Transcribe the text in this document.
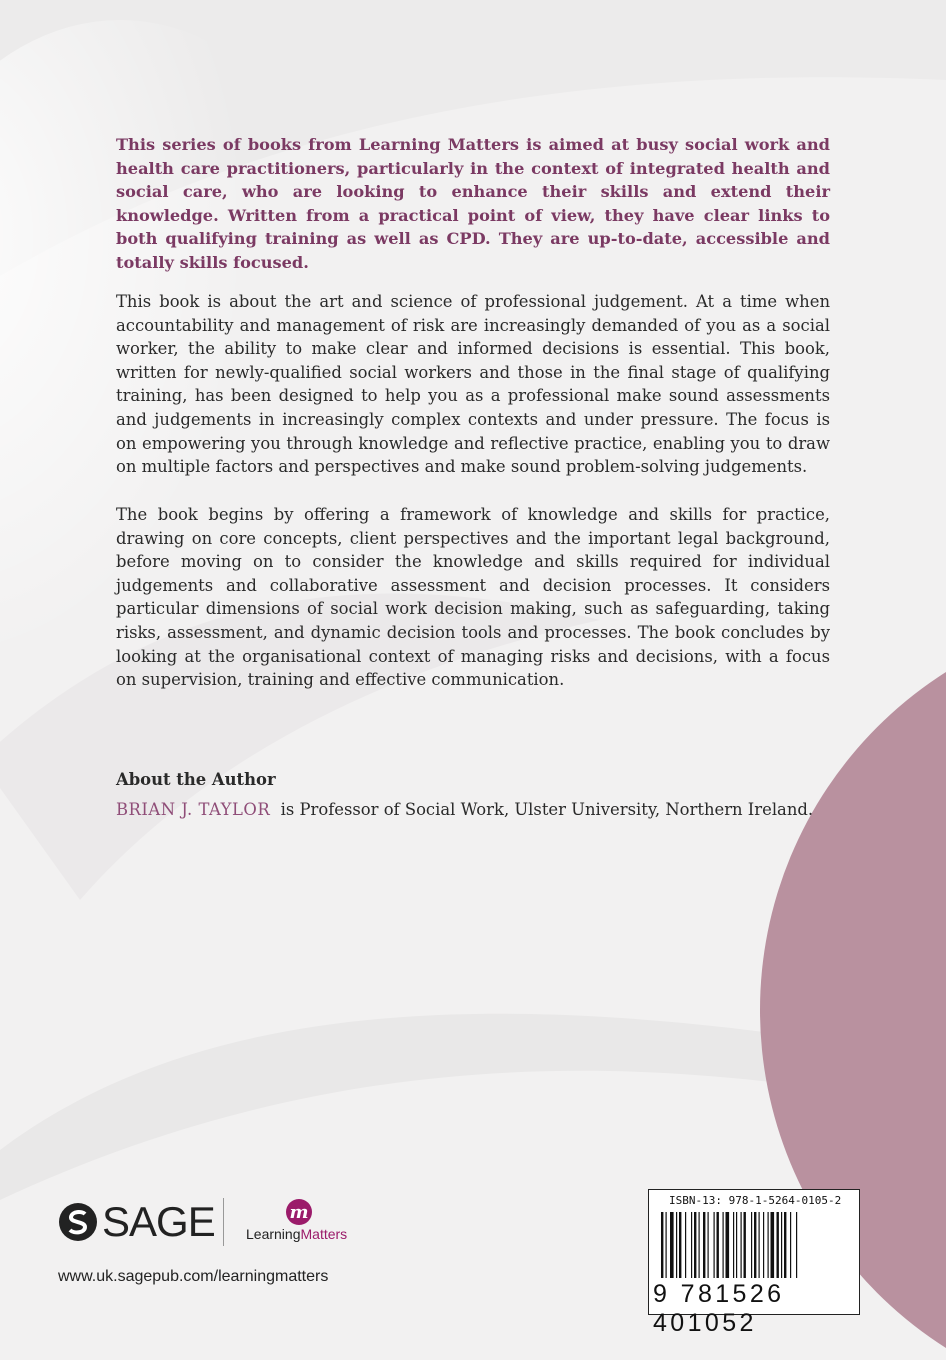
This series of books from Learning Matters is aimed at busy social work and health care practitioners, particularly in the context of integrated health and social care, who are looking to enhance their skills and extend their knowledge. Written from a practical point of view, they have clear links to both qualifying training as well as CPD. They are up-to-date, accessible and totally skills focused.

This book is about the art and science of professional judgement. At a time when accountability and management of risk are increasingly demanded of you as a social worker, the ability to make clear and informed decisions is essential. This book, written for newly-qualified social workers and those in the final stage of qualifying training, has been designed to help you as a professional make sound assessments and judgements in increasingly complex contexts and under pressure. The focus is on empowering you through knowledge and reflective practice, enabling you to draw on multiple factors and perspectives and make sound problem-solving judgements.

The book begins by offering a framework of knowledge and skills for practice, drawing on core concepts, client perspectives and the important legal background, before moving on to consider the knowledge and skills required for individual judgements and collaborative assessment and decision processes. It considers particular dimensions of social work decision making, such as safeguarding, taking risks, assessment, and dynamic decision tools and processes. The book concludes by looking at the organisational context of managing risks and decisions, with a focus on supervision, training and effective communication.

About the Author

BRIAN J. TAYLOR is Professor of Social Work, Ulster University, Northern Ireland.

SAGE	m
LearningMatters
www.uk.sagepub.com/learningmatters
ISBN-13: 978-1-5264-0105-2
9 781526 401052
